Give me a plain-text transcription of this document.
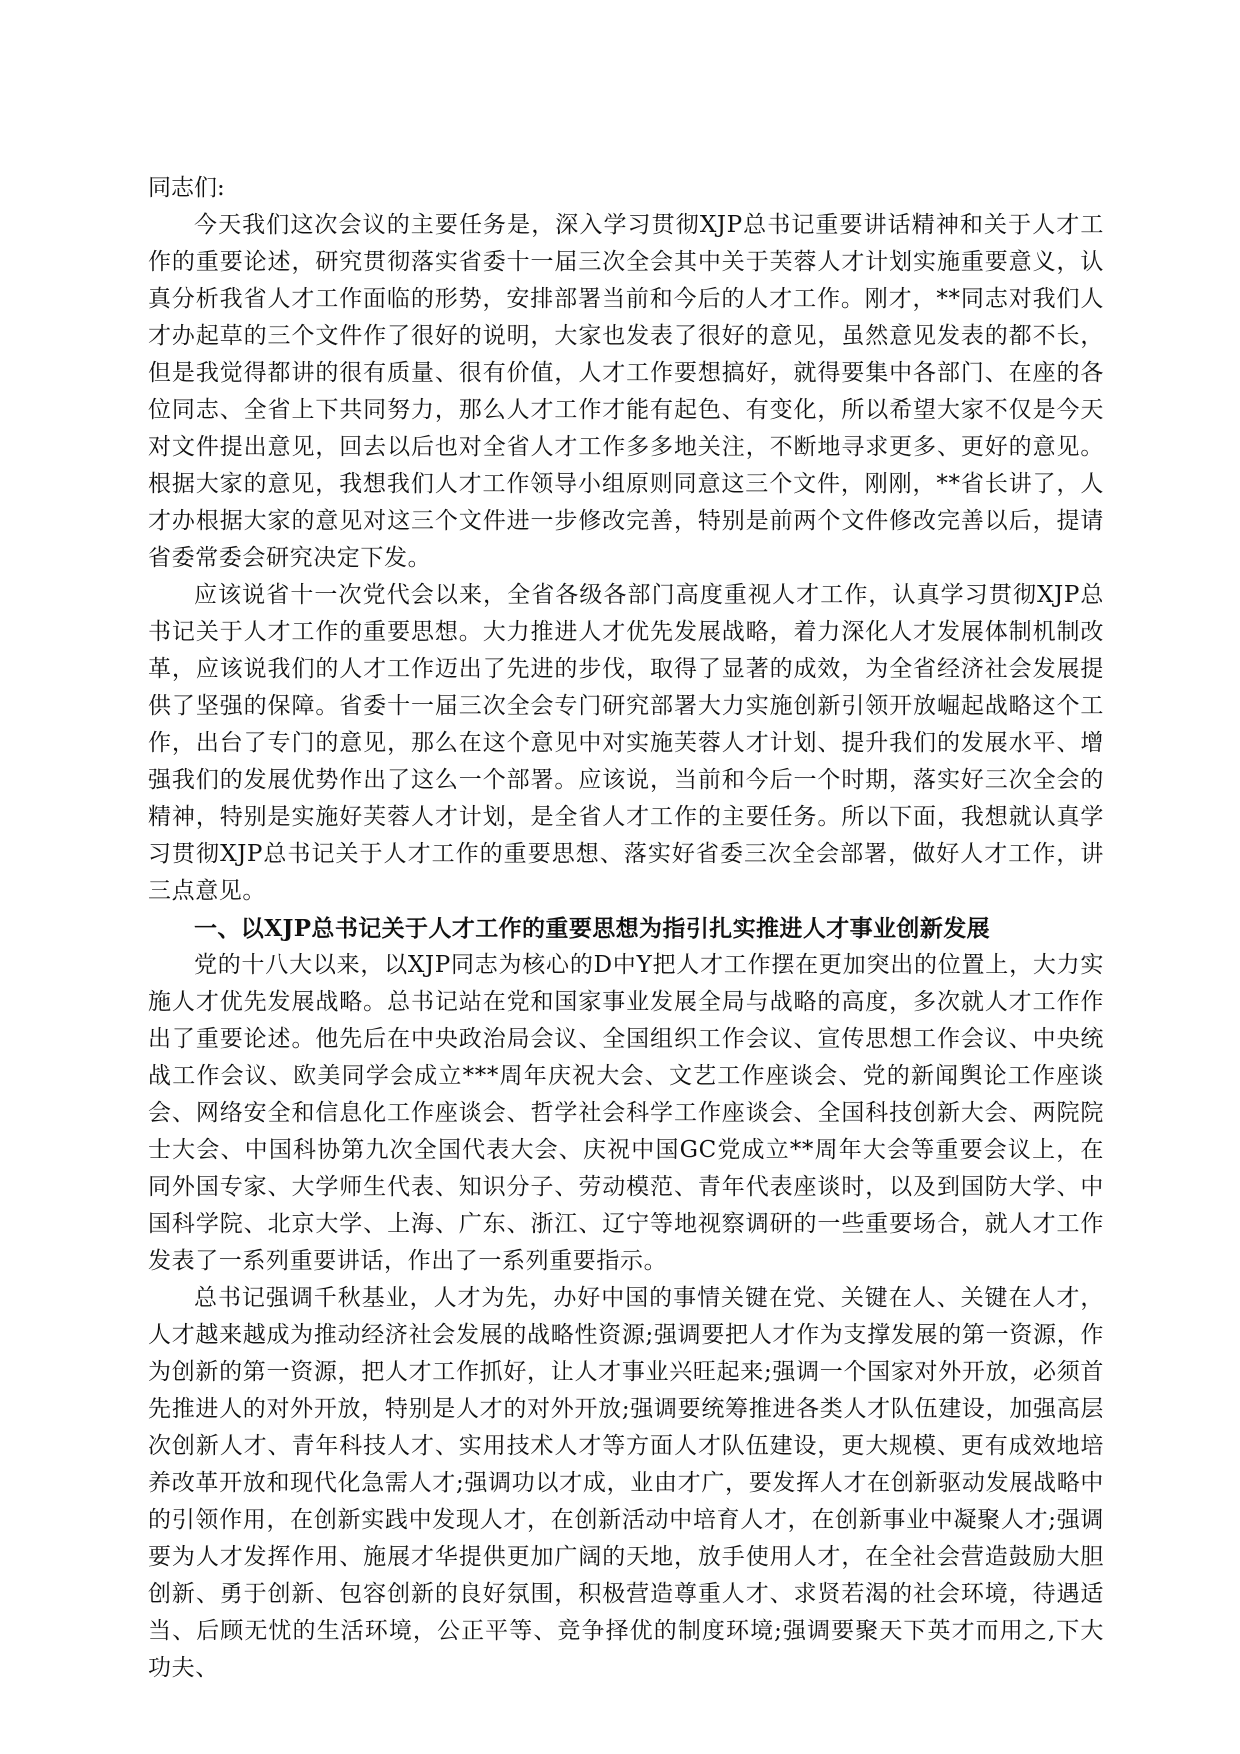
同志们:

今天我们这次会议的主要任务是，深入学习贯彻XJP总书记重要讲话精神和关于人才工作的重要论述，研究贯彻落实省委十一届三次全会其中关于芙蓉人才计划实施重要意义，认真分析我省人才工作面临的形势，安排部署当前和今后的人才工作。刚才，**同志对我们人才办起草的三个文件作了很好的说明，大家也发表了很好的意见，虽然意见发表的都不长，但是我觉得都讲的很有质量、很有价值，人才工作要想搞好，就得要集中各部门、在座的各位同志、全省上下共同努力，那么人才工作才能有起色、有变化，所以希望大家不仅是今天对文件提出意见，回去以后也对全省人才工作多多地关注，不断地寻求更多、更好的意见。根据大家的意见，我想我们人才工作领导小组原则同意这三个文件，刚刚，**省长讲了，人才办根据大家的意见对这三个文件进一步修改完善，特别是前两个文件修改完善以后，提请省委常委会研究决定下发。

应该说省十一次党代会以来，全省各级各部门高度重视人才工作，认真学习贯彻XJP总书记关于人才工作的重要思想。大力推进人才优先发展战略，着力深化人才发展体制机制改革，应该说我们的人才工作迈出了先进的步伐，取得了显著的成效，为全省经济社会发展提供了坚强的保障。省委十一届三次全会专门研究部署大力实施创新引领开放崛起战略这个工作，出台了专门的意见，那么在这个意见中对实施芙蓉人才计划、提升我们的发展水平、增强我们的发展优势作出了这么一个部署。应该说，当前和今后一个时期，落实好三次全会的精神，特别是实施好芙蓉人才计划，是全省人才工作的主要任务。所以下面，我想就认真学习贯彻XJP总书记关于人才工作的重要思想、落实好省委三次全会部署，做好人才工作，讲三点意见。

一、以XJP总书记关于人才工作的重要思想为指引扎实推进人才事业创新发展

党的十八大以来，以XJP同志为核心的D中Y把人才工作摆在更加突出的位置上，大力实施人才优先发展战略。总书记站在党和国家事业发展全局与战略的高度，多次就人才工作作出了重要论述。他先后在中央政治局会议、全国组织工作会议、宣传思想工作会议、中央统战工作会议、欧美同学会成立***周年庆祝大会、文艺工作座谈会、党的新闻舆论工作座谈会、网络安全和信息化工作座谈会、哲学社会科学工作座谈会、全国科技创新大会、两院院士大会、中国科协第九次全国代表大会、庆祝中国GC党成立**周年大会等重要会议上，在同外国专家、大学师生代表、知识分子、劳动模范、青年代表座谈时，以及到国防大学、中国科学院、北京大学、上海、广东、浙江、辽宁等地视察调研的一些重要场合，就人才工作发表了一系列重要讲话，作出了一系列重要指示。

总书记强调千秋基业，人才为先，办好中国的事情关键在党、关键在人、关键在人才，人才越来越成为推动经济社会发展的战略性资源;强调要把人才作为支撑发展的第一资源，作为创新的第一资源，把人才工作抓好，让人才事业兴旺起来;强调一个国家对外开放，必须首先推进人的对外开放，特别是人才的对外开放;强调要统筹推进各类人才队伍建设，加强高层次创新人才、青年科技人才、实用技术人才等方面人才队伍建设，更大规模、更有成效地培养改革开放和现代化急需人才;强调功以才成，业由才广，要发挥人才在创新驱动发展战略中的引领作用，在创新实践中发现人才，在创新活动中培育人才，在创新事业中凝聚人才;强调要为人才发挥作用、施展才华提供更加广阔的天地，放手使用人才，在全社会营造鼓励大胆创新、勇于创新、包容创新的良好氛围，积极营造尊重人才、求贤若渴的社会环境，待遇适当、后顾无忧的生活环境，公正平等、竞争择优的制度环境;强调要聚天下英才而用之,下大功夫、
